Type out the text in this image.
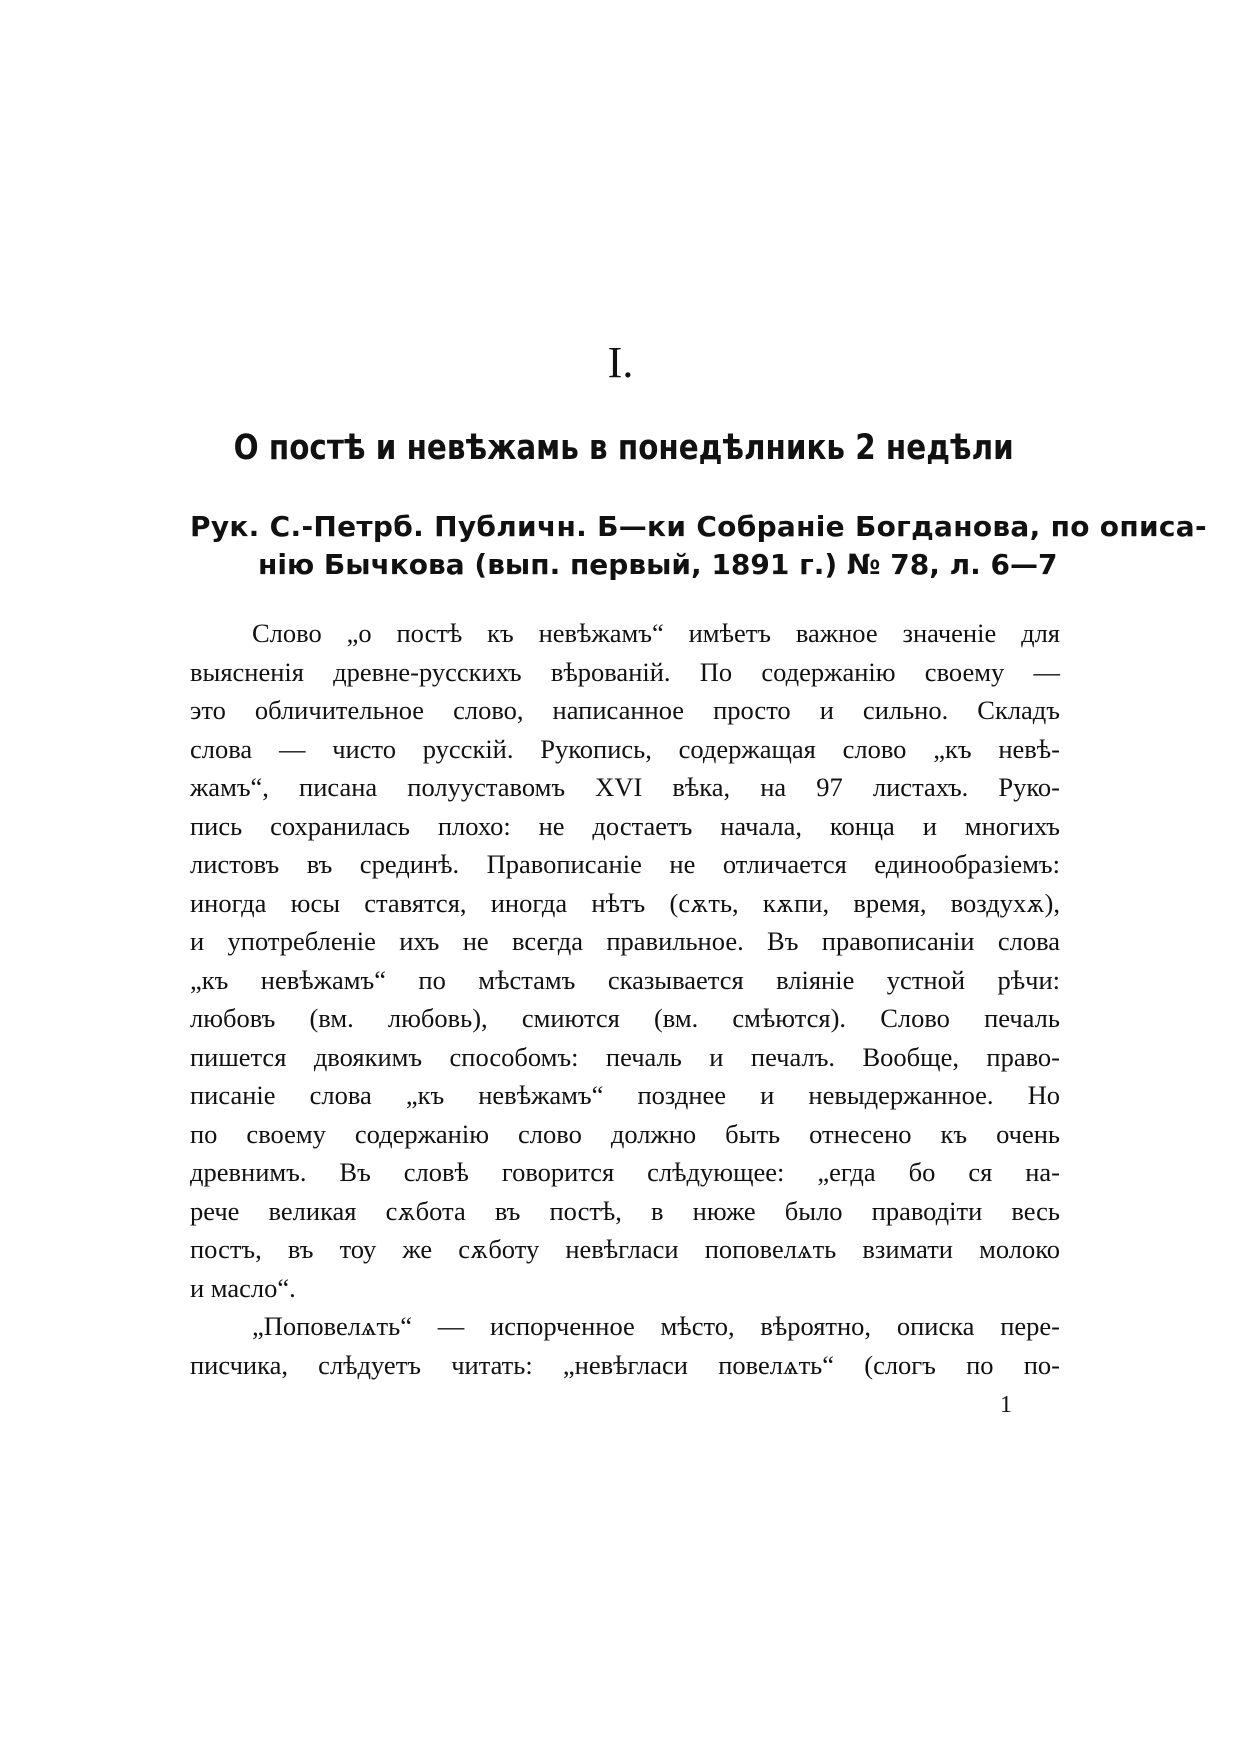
I.
О постѣ и невѣжамь в понедѣлникь 2 недѣли
Рук. С.-Петрб. Публичн. Б—ки Собраніе Богданова, по описа-
нію Бычкова (вып. первый, 1891 г.) № 78, л. 6—7
Слово „о постѣ къ невѣжамъ“ имѣетъ важное значеніе для
выясненія древне-русскихъ вѣрованій. По содержанію своему —
это обличительное слово, написанное просто и сильно. Складъ
слова — чисто русскій. Рукопись, содержащая слово „къ невѣ-
жамъ“, писана полууставомъ XVI вѣка, на 97 листахъ. Руко-
пись сохранилась плохо: не достаетъ начала, конца и многихъ
листовъ въ срединѣ. Правописаніе не отличается единообразіемъ:
иногда юсы ставятся, иногда нѣтъ (сѫть, кѫпи, время, воздухѫ),
и употребленіе ихъ не всегда правильное. Въ правописаніи слова
„къ невѣжамъ“ по мѣстамъ сказывается вліяніе устной рѣчи:
любовъ (вм. любовь), смиются (вм. смѣются). Слово печаль
пишется двоякимъ способомъ: печаль и печалъ. Вообще, право-
писаніе слова „къ невѣжамъ“ позднее и невыдержанное. Но
по своему содержанію слово должно быть отнесено къ очень
древнимъ. Въ словѣ говорится слѣдующее: „егда бо ся на-
рече великая сѫбота въ постѣ, в нюже было праводіти весь
постъ, въ тоу же сѫботу невѣгласи поповелѧть взимати молоко
и масло“.
„Поповелѧть“ — испорченное мѣсто, вѣроятно, описка пере-
писчика, слѣдуетъ читать: „невѣгласи повелѧть“ (слогъ по по-
1
